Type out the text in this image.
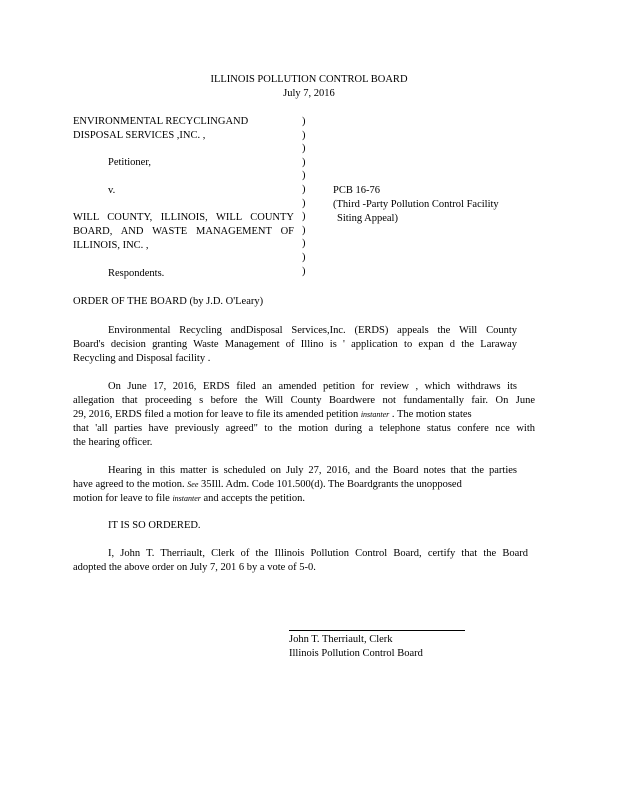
ILLINOIS POLLUTION CONTROL BOARD

July 7, 2016

ENVIRONMENTAL RECYCLINGAND

DISPOSAL SERVICES ,INC. ,

Petitioner,

v.

WILL COUNTY, ILLINOIS, WILL COUNTY

BOARD, AND WASTE MANAGEMENT OF

ILLINOIS, INC. ,

Respondents.

)
)
)
)
)
)
)
)
)
)
)
)

PCB 16-76

(Third -Party Pollution Control Facility

Siting Appeal)

ORDER OF THE BOARD (by J.D. O'Leary)

Environmental Recycling andDisposal Services,Inc. (ERDS) appeals the Will County

Board's decision granting Waste Management of Illino is ' application to expan d the Laraway

Recycling and Disposal facility .

On June 17, 2016, ERDS filed an amended petition for review , which withdraws its

allegation that proceeding s before the Will County Boardwere not fundamentally fair. On June

29, 2016, ERDS filed a motion for leave to file its amended petition instanter . The motion states

that 'all parties have previously agreed" to the motion during a telephone status confere nce with

the hearing officer.

Hearing in this matter is scheduled on July 27, 2016, and the Board notes that the parties

have agreed to the motion. See 35Ill. Adm. Code 101.500(d). The Boardgrants the unopposed

motion for leave to file instanter and accepts the petition.

IT IS SO ORDERED.

I, John T. Therriault, Clerk of the Illinois Pollution Control Board, certify that the Board

adopted the above order on July 7, 201 6 by a vote of 5-0.

John T. Therriault, Clerk

Illinois Pollution Control Board
